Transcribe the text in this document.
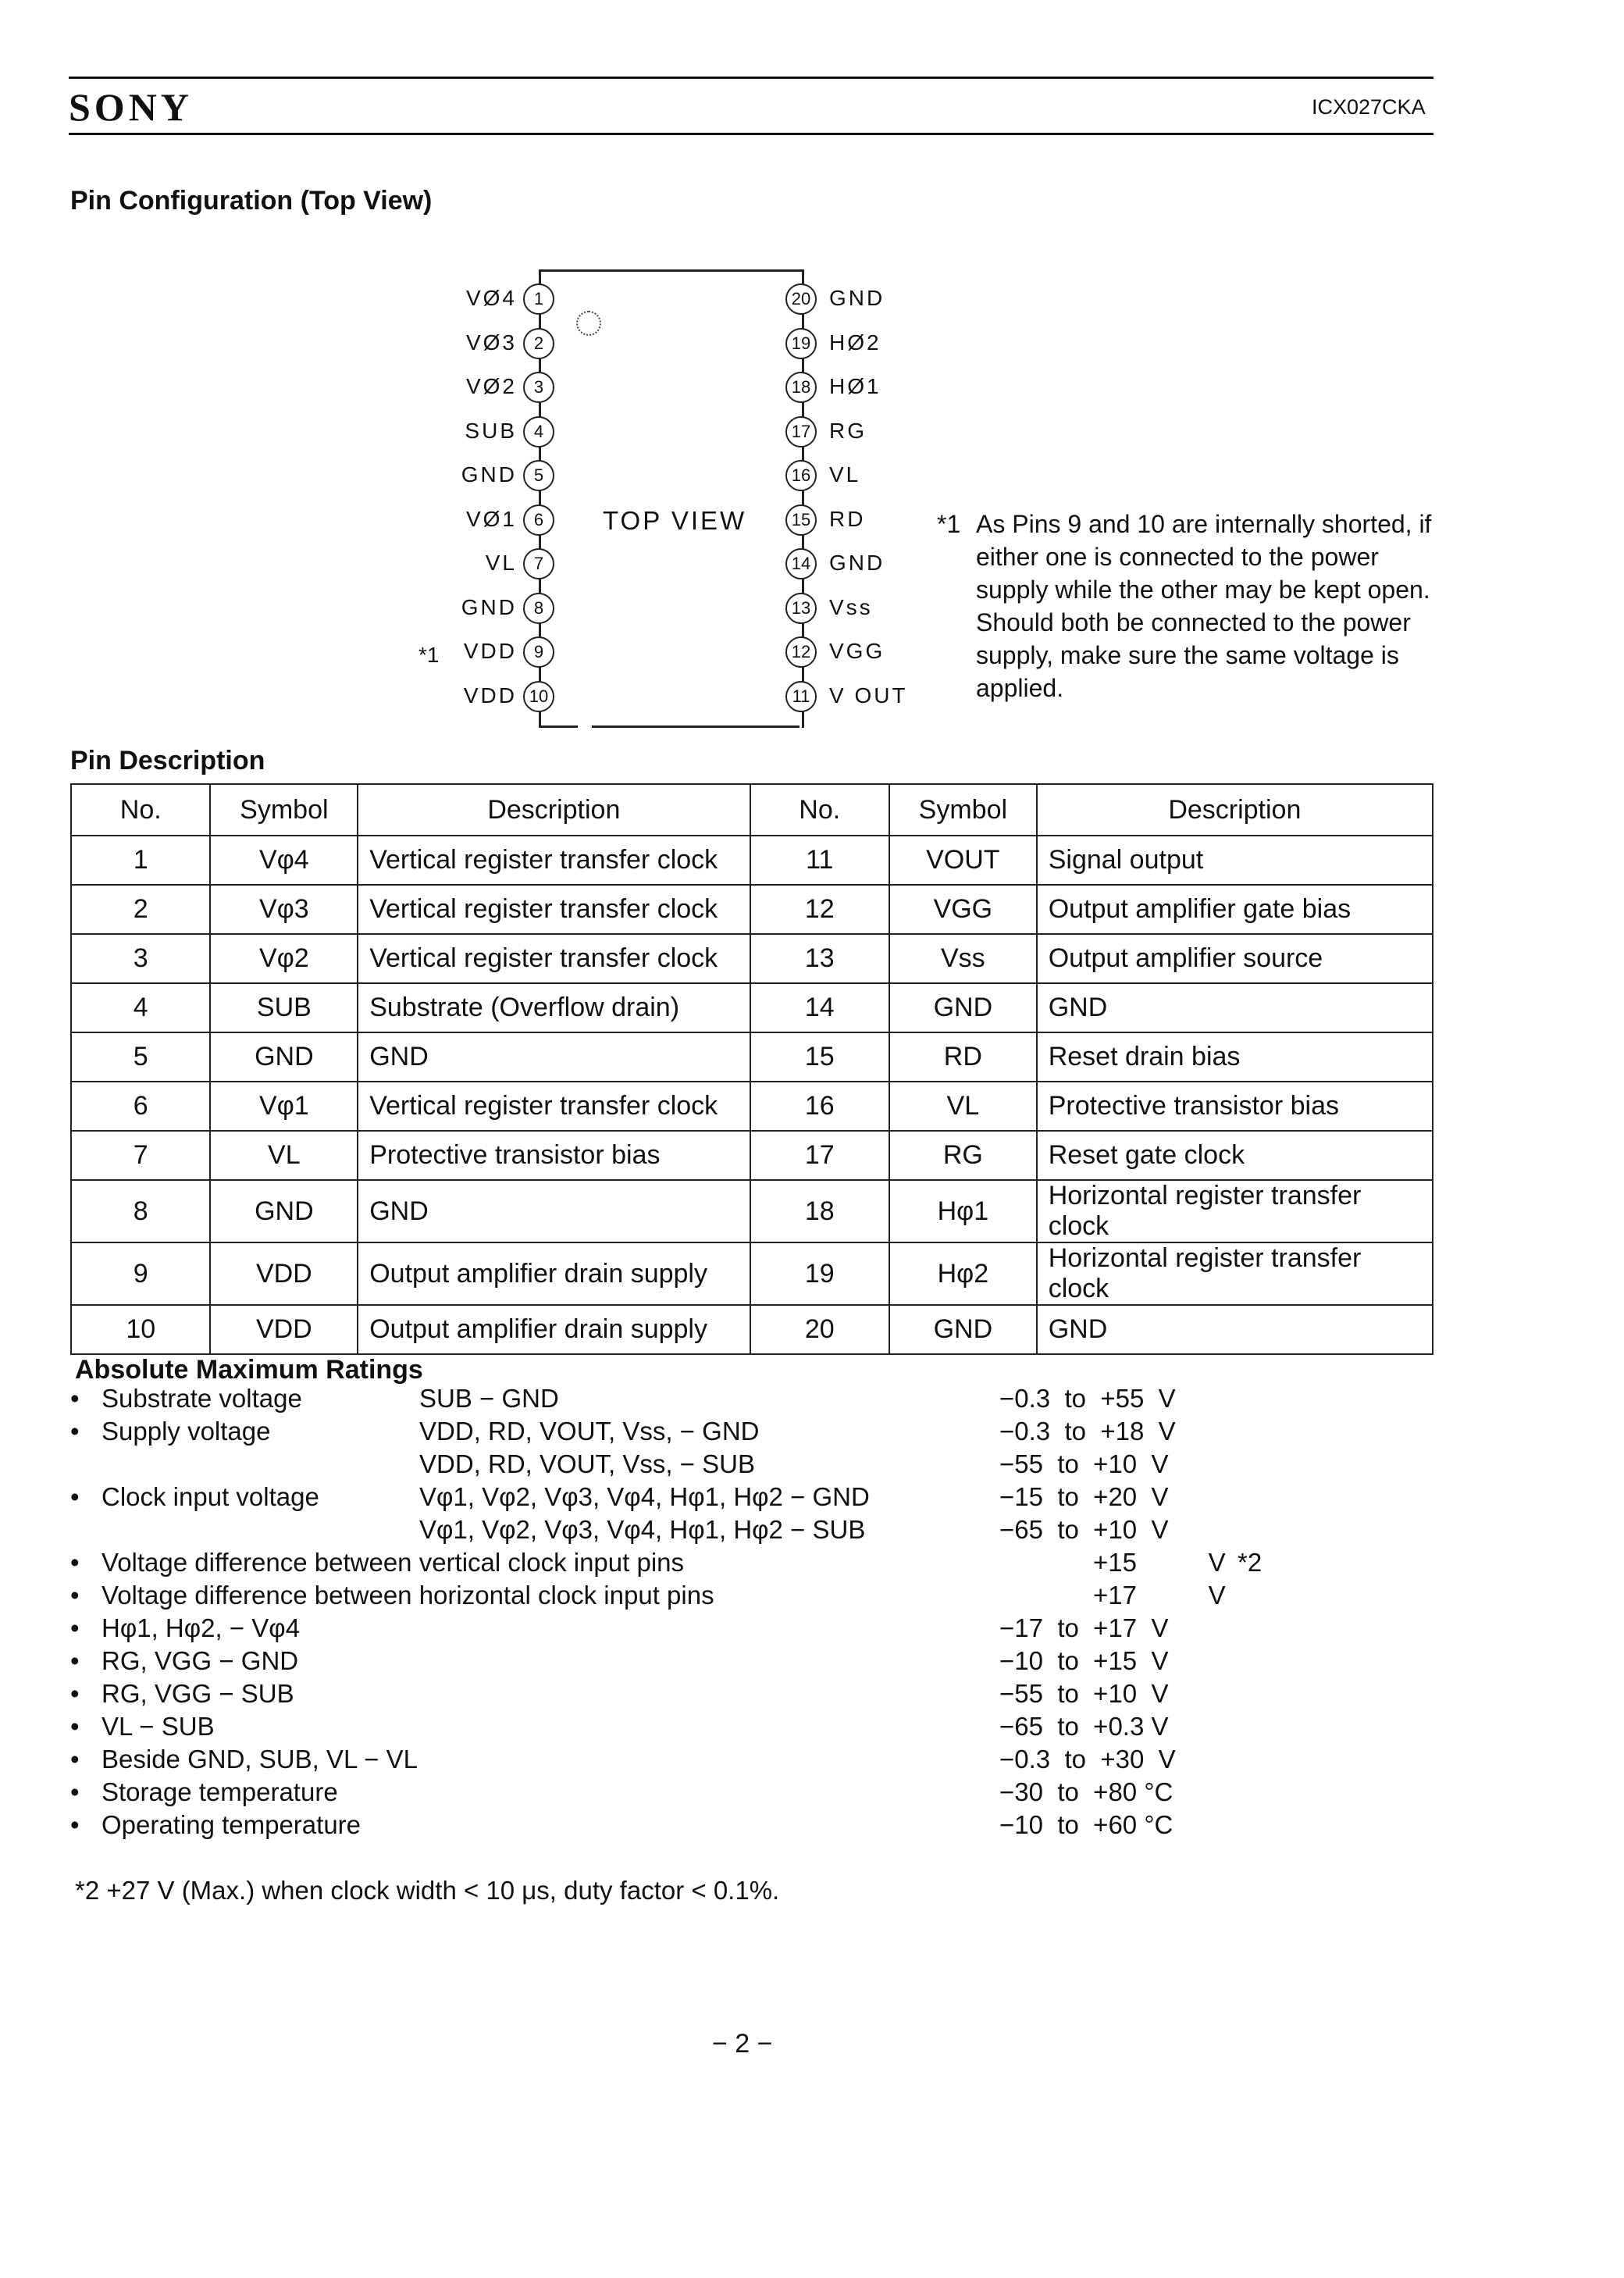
SONY	ICX027CKA
Pin Configuration (Top View)
TOP VIEW
*1
1
VØ4
2
VØ3
3
VØ2
4
SUB
5
GND
6
VØ1
7
VL
8
GND
9
VDD
10
VDD
20 GND
19 HØ2
18 HØ1
17 RG
16 VL
15 RD
14 GND
13 Vss
12 VGG
11 V OUT
*1 As Pins 9 and 10 are internally shorted, if either one is connected to the power supply while the other may be kept open. Should both be connected to the power supply, make sure the same voltage is applied.
Pin Description
No.	Symbol	Description	No.	Symbol	Description
1	Vφ4	Vertical register transfer clock	11	VOUT	Signal output
2	Vφ3	Vertical register transfer clock	12	VGG	Output amplifier gate bias
3	Vφ2	Vertical register transfer clock	13	Vss	Output amplifier source
4	SUB	Substrate (Overflow drain)	14	GND	GND
5	GND	GND	15	RD	Reset drain bias
6	Vφ1	Vertical register transfer clock	16	VL	Protective transistor bias
7	VL	Protective transistor bias	17	RG	Reset gate clock
8	GND	GND	18	Hφ1	Horizontal register transfer clock
9	VDD	Output amplifier drain supply	19	Hφ2	Horizontal register transfer clock
10	VDD	Output amplifier drain supply	20	GND	GND
Absolute Maximum Ratings
• Substrate voltage	SUB − GND	−0.3  to  +55  V
• Supply voltage	VDD, RD, VOUT, Vss, − GND	−0.3  to  +18  V
VDD, RD, VOUT, Vss, − SUB	−55  to  +10  V
• Clock input voltage	Vφ1, Vφ2, Vφ3, Vφ4, Hφ1, Hφ2 − GND	−15  to  +20  V
Vφ1, Vφ2, Vφ3, Vφ4, Hφ1, Hφ2 − SUB	−65  to  +10  V
• Voltage difference between vertical clock input pins	+15          V *2
• Voltage difference between horizontal clock input pins	+17          V
• Hφ1, Hφ2, − Vφ4	−17  to  +17  V
• RG, VGG − GND	−10  to  +15  V
• RG, VGG − SUB	−55  to  +10  V
• VL − SUB	−65  to  +0.3 V
• Beside GND, SUB, VL − VL	−0.3  to  +30  V
• Storage temperature	−30  to  +80 °C
• Operating temperature	−10  to  +60 °C
*2 +27 V (Max.) when clock width < 10 μs, duty factor < 0.1%.
− 2 −
